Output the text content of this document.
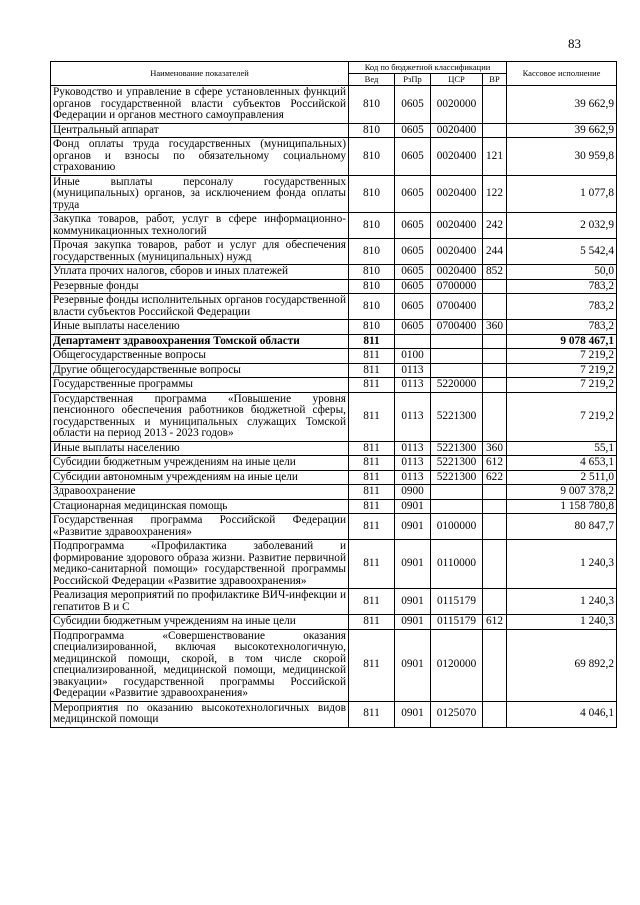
83
Наименование показателей	Код по бюджетной классификации				Кассовое исполнение
	Вед	РзПр	ЦСР	ВР	
Руководство и управление в сфере установленных функций органов государственной власти субъектов Российской Федерации и органов местного самоуправления	810	0605	0020000		39 662,9
Центральный аппарат	810	0605	0020400		39 662,9
Фонд оплаты труда государственных (муниципальных) органов и взносы по обязательному социальному страхованию	810	0605	0020400	121	30 959,8
Иные выплаты персоналу государственных (муниципальных) органов, за исключением фонда оплаты труда	810	0605	0020400	122	1 077,8
Закупка товаров, работ, услуг в сфере информационно-коммуникационных технологий	810	0605	0020400	242	2 032,9
Прочая закупка товаров, работ и услуг для обеспечения государственных (муниципальных) нужд	810	0605	0020400	244	5 542,4
Уплата прочих налогов, сборов и иных платежей	810	0605	0020400	852	50,0
Резервные фонды	810	0605	0700000		783,2
Резервные фонды исполнительных органов государственной власти субъектов Российской Федерации	810	0605	0700400		783,2
Иные выплаты населению	810	0605	0700400	360	783,2
Департамент здравоохранения Томской области	811				9 078 467,1
Общегосударственные вопросы	811	0100			7 219,2
Другие общегосударственные вопросы	811	0113			7 219,2
Государственные программы	811	0113	5220000		7 219,2
Государственная программа «Повышение уровня пенсионного обеспечения работников бюджетной сферы, государственных и муниципальных служащих Томской области на период 2013 - 2023 годов»	811	0113	5221300		7 219,2
Иные выплаты населению	811	0113	5221300	360	55,1
Субсидии бюджетным учреждениям на иные цели	811	0113	5221300	612	4 653,1
Субсидии автономным учреждениям на иные цели	811	0113	5221300	622	2 511,0
Здравоохранение	811	0900			9 007 378,2
Стационарная медицинская помощь	811	0901			1 158 780,8
Государственная программа Российской Федерации «Развитие здравоохранения»	811	0901	0100000		80 847,7
Подпрограмма «Профилактика заболеваний и формирование здорового образа жизни. Развитие первичной медико-санитарной помощи» государственной программы Российской Федерации «Развитие здравоохранения»	811	0901	0110000		1 240,3
Реализация мероприятий по профилактике ВИЧ-инфекции и гепатитов В и С	811	0901	0115179		1 240,3
Субсидии бюджетным учреждениям на иные цели	811	0901	0115179	612	1 240,3
Подпрограмма «Совершенствование оказания специализированной, включая высокотехнологичную, медицинской помощи, скорой, в том числе скорой специализированной, медицинской помощи, медицинской эвакуации» государственной программы Российской Федерации «Развитие здравоохранения»	811	0901	0120000		69 892,2
Мероприятия по оказанию высокотехнологичных видов медицинской помощи	811	0901	0125070		4 046,1
